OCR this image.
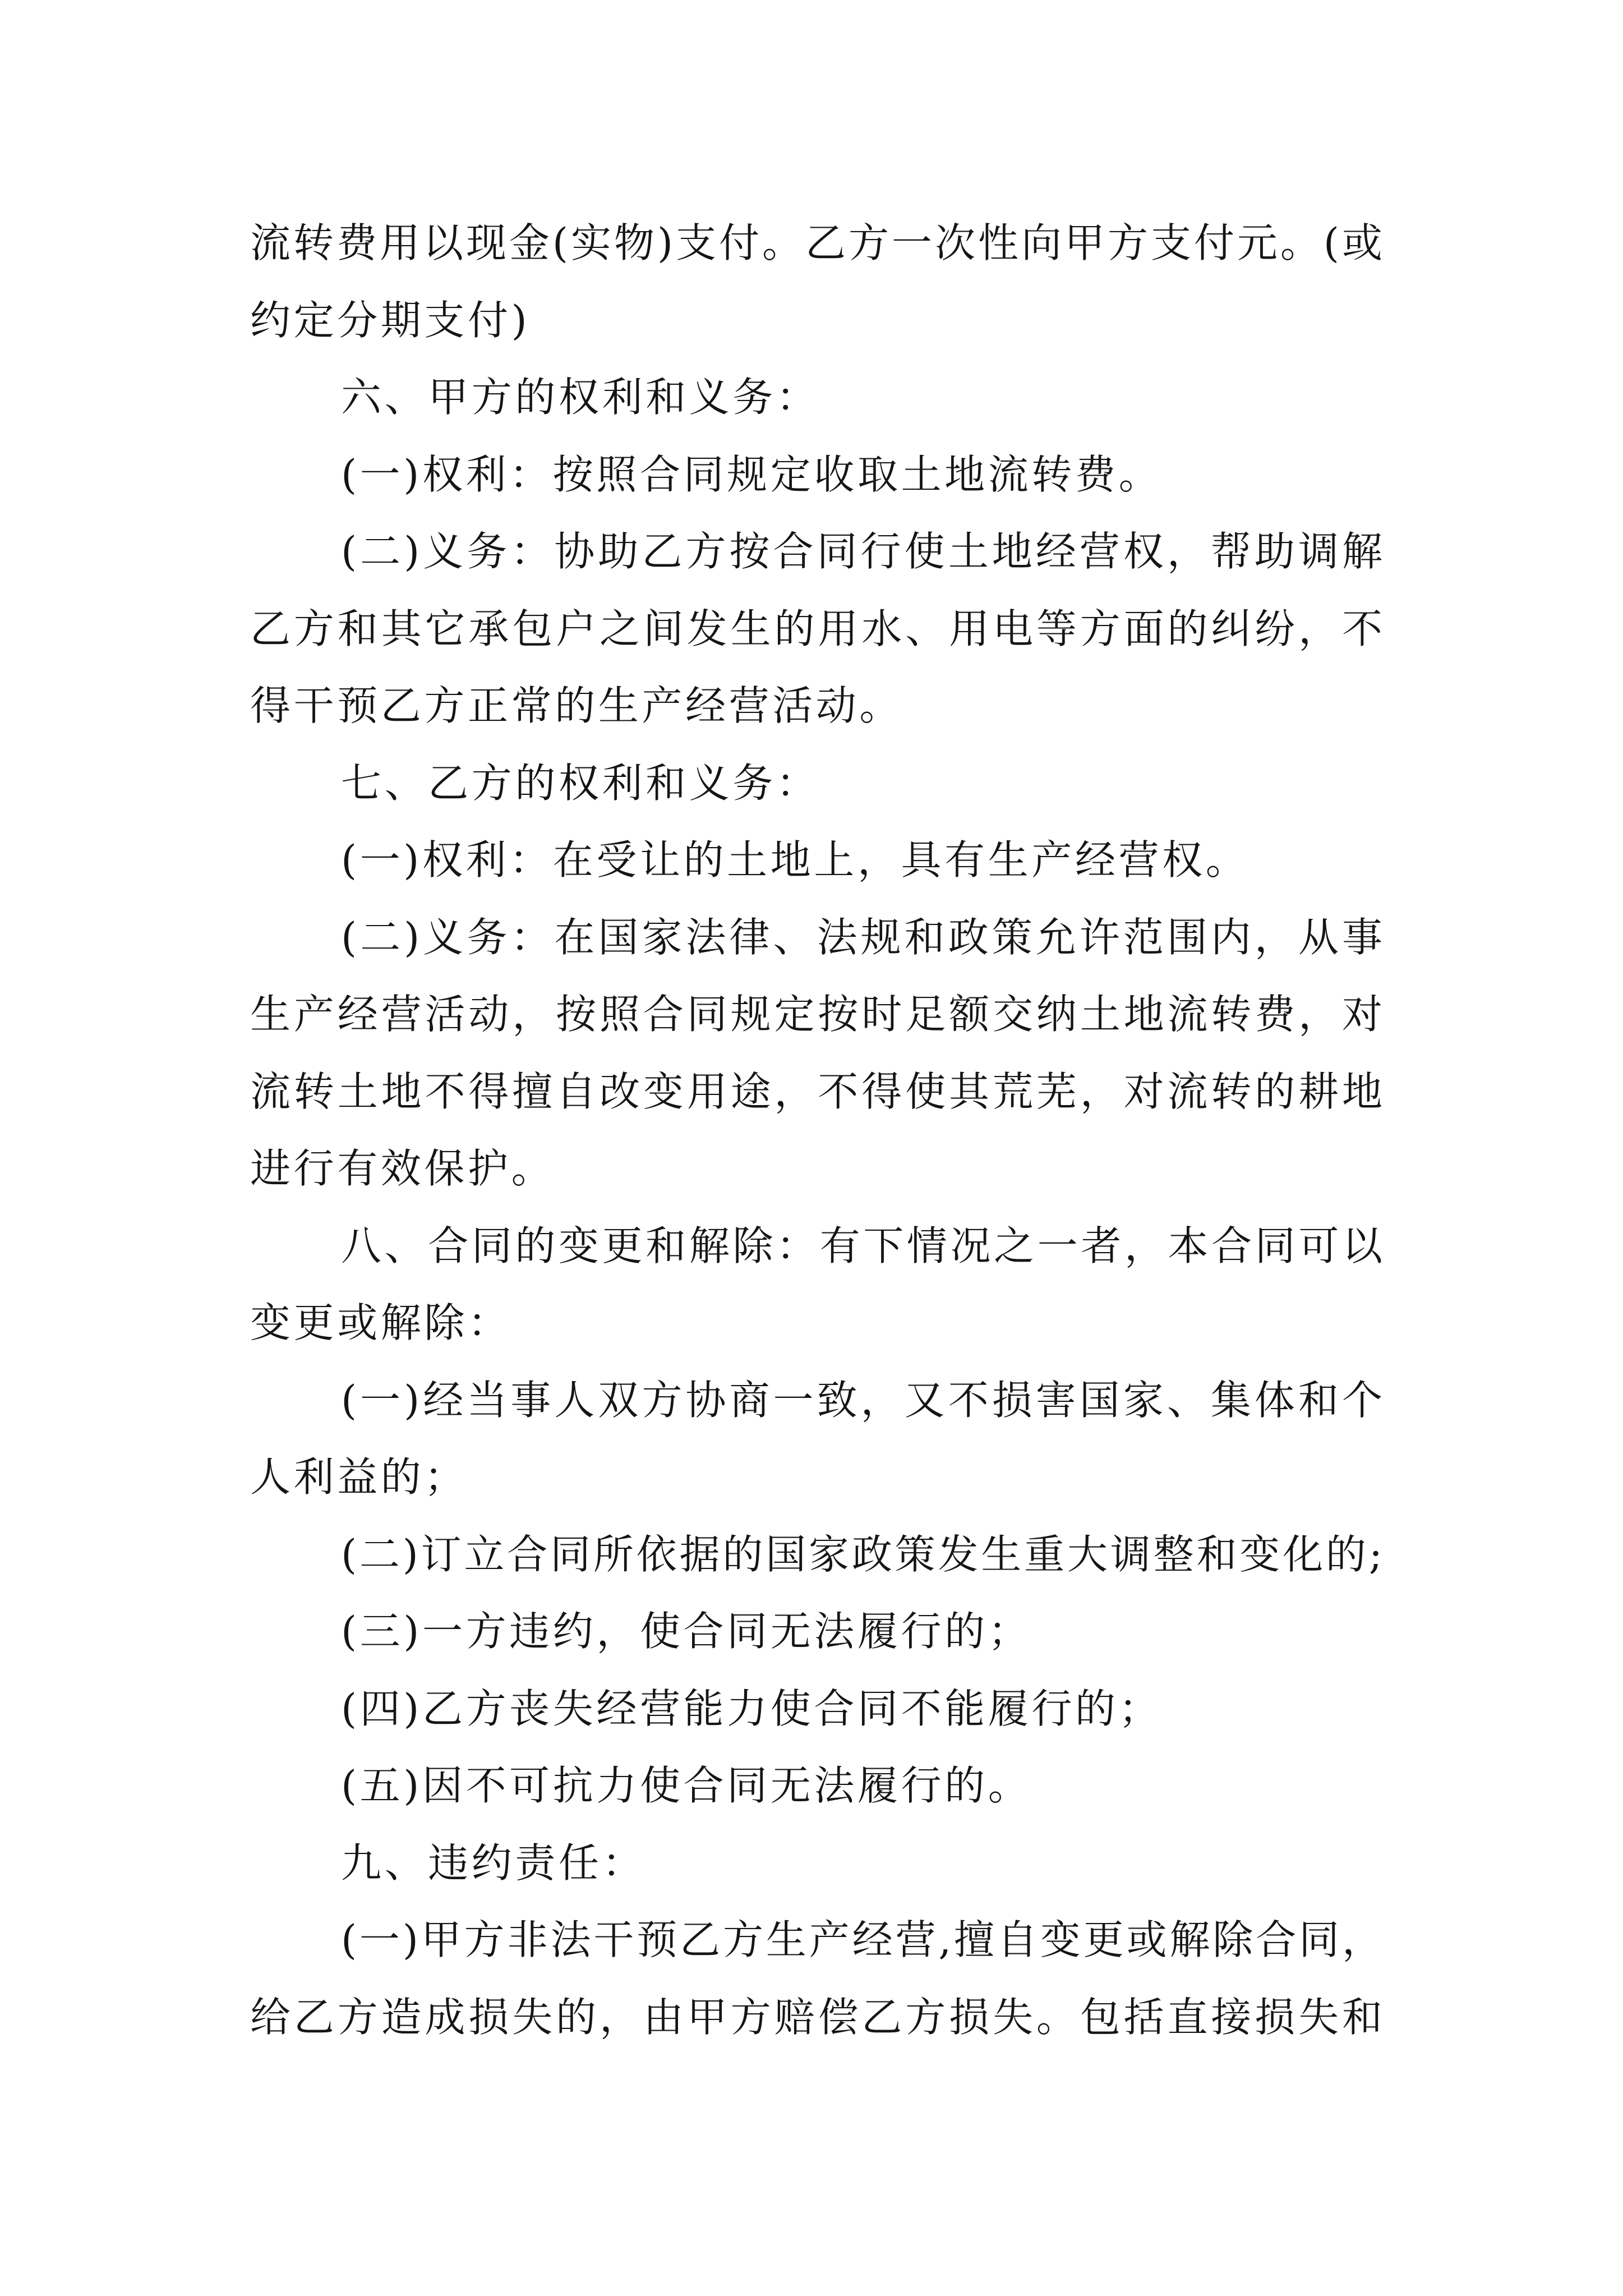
流转费用以现金(实物)支付。乙方一次性向甲方支付元。(或
约定分期支付)
六、甲方的权利和义务：
(一)权利：按照合同规定收取土地流转费。
(二)义务：协助乙方按合同行使土地经营权，帮助调解
乙方和其它承包户之间发生的用水、用电等方面的纠纷，不
得干预乙方正常的生产经营活动。
七、乙方的权利和义务：
(一)权利：在受让的土地上，具有生产经营权。
(二)义务：在国家法律、法规和政策允许范围内，从事
生产经营活动，按照合同规定按时足额交纳土地流转费，对
流转土地不得擅自改变用途，不得使其荒芜，对流转的耕地
进行有效保护。
八、合同的变更和解除：有下情况之一者，本合同可以
变更或解除：
(一)经当事人双方协商一致，又不损害国家、集体和个
人利益的；
(二)订立合同所依据的国家政策发生重大调整和变化的;
(三)一方违约，使合同无法履行的；
(四)乙方丧失经营能力使合同不能履行的；
(五)因不可抗力使合同无法履行的。
九、违约责任：
(一)甲方非法干预乙方生产经营,擅自变更或解除合同，
给乙方造成损失的，由甲方赔偿乙方损失。包括直接损失和
